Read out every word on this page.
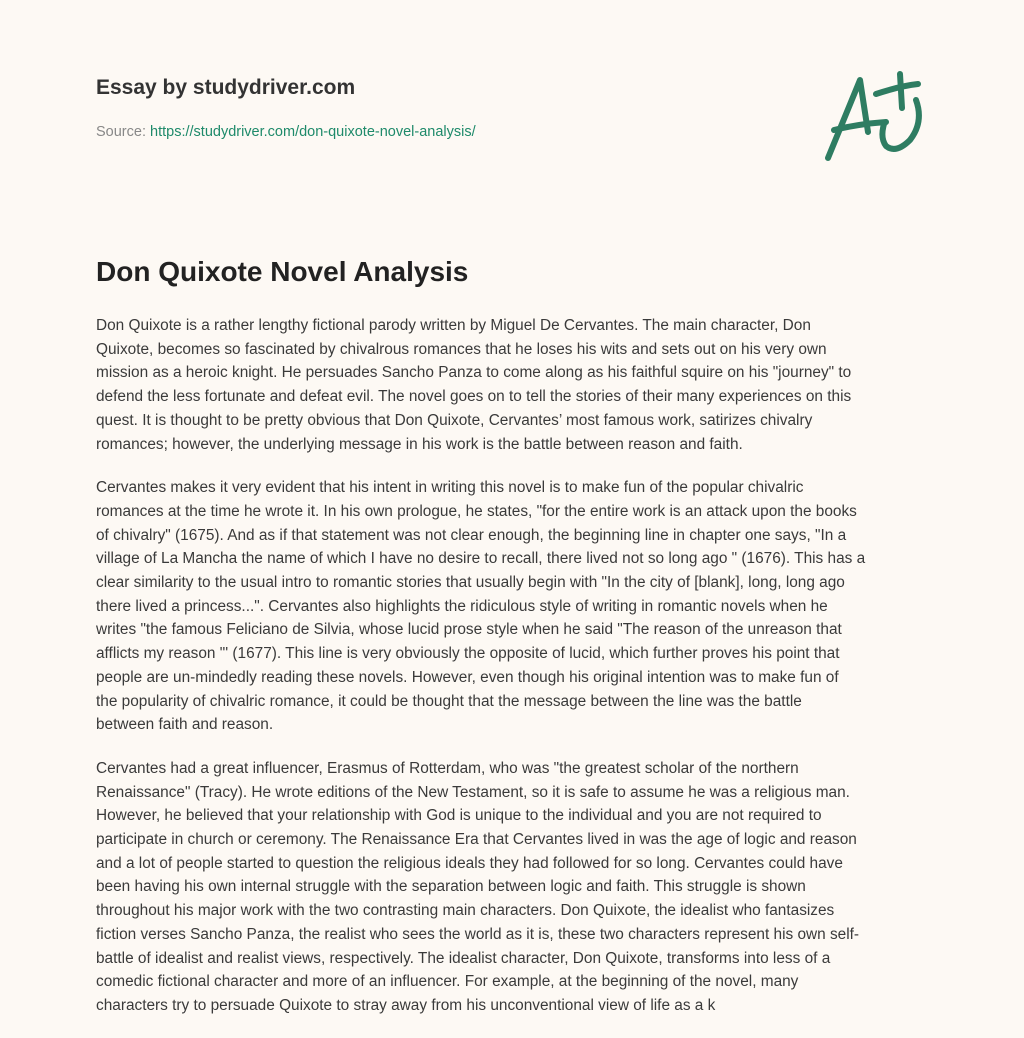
Essay by studydriver.com
Source: https://studydriver.com/don-quixote-novel-analysis/
Don Quixote Novel Analysis

Don Quixote is a rather lengthy fictional parody written by Miguel De Cervantes. The main character, Don
Quixote, becomes so fascinated by chivalrous romances that he loses his wits and sets out on his very own
mission as a heroic knight. He persuades Sancho Panza to come along as his faithful squire on his "journey" to
defend the less fortunate and defeat evil. The novel goes on to tell the stories of their many experiences on this
quest. It is thought to be pretty obvious that Don Quixote, Cervantes’ most famous work, satirizes chivalry
romances; however, the underlying message in his work is the battle between reason and faith.

Cervantes makes it very evident that his intent in writing this novel is to make fun of the popular chivalric
romances at the time he wrote it. In his own prologue, he states, "for the entire work is an attack upon the books
of chivalry" (1675). And as if that statement was not clear enough, the beginning line in chapter one says, "In a
village of La Mancha the name of which I have no desire to recall, there lived not so long ago " (1676). This has a
clear similarity to the usual intro to romantic stories that usually begin with "In the city of [blank], long, long ago
there lived a princess...". Cervantes also highlights the ridiculous style of writing in romantic novels when he
writes "the famous Feliciano de Silvia, whose lucid prose style when he said "The reason of the unreason that
afflicts my reason "' (1677). This line is very obviously the opposite of lucid, which further proves his point that
people are un-mindedly reading these novels. However, even though his original intention was to make fun of
the popularity of chivalric romance, it could be thought that the message between the line was the battle
between faith and reason.

Cervantes had a great influencer, Erasmus of Rotterdam, who was "the greatest scholar of the northern
Renaissance" (Tracy). He wrote editions of the New Testament, so it is safe to assume he was a religious man.
However, he believed that your relationship with God is unique to the individual and you are not required to
participate in church or ceremony. The Renaissance Era that Cervantes lived in was the age of logic and reason
and a lot of people started to question the religious ideals they had followed for so long. Cervantes could have
been having his own internal struggle with the separation between logic and faith. This struggle is shown
throughout his major work with the two contrasting main characters. Don Quixote, the idealist who fantasizes
fiction verses Sancho Panza, the realist who sees the world as it is, these two characters represent his own self-
battle of idealist and realist views, respectively. The idealist character, Don Quixote, transforms into less of a
comedic fictional character and more of an influencer. For example, at the beginning of the novel, many
characters try to persuade Quixote to stray away from his unconventional view of life as a k
